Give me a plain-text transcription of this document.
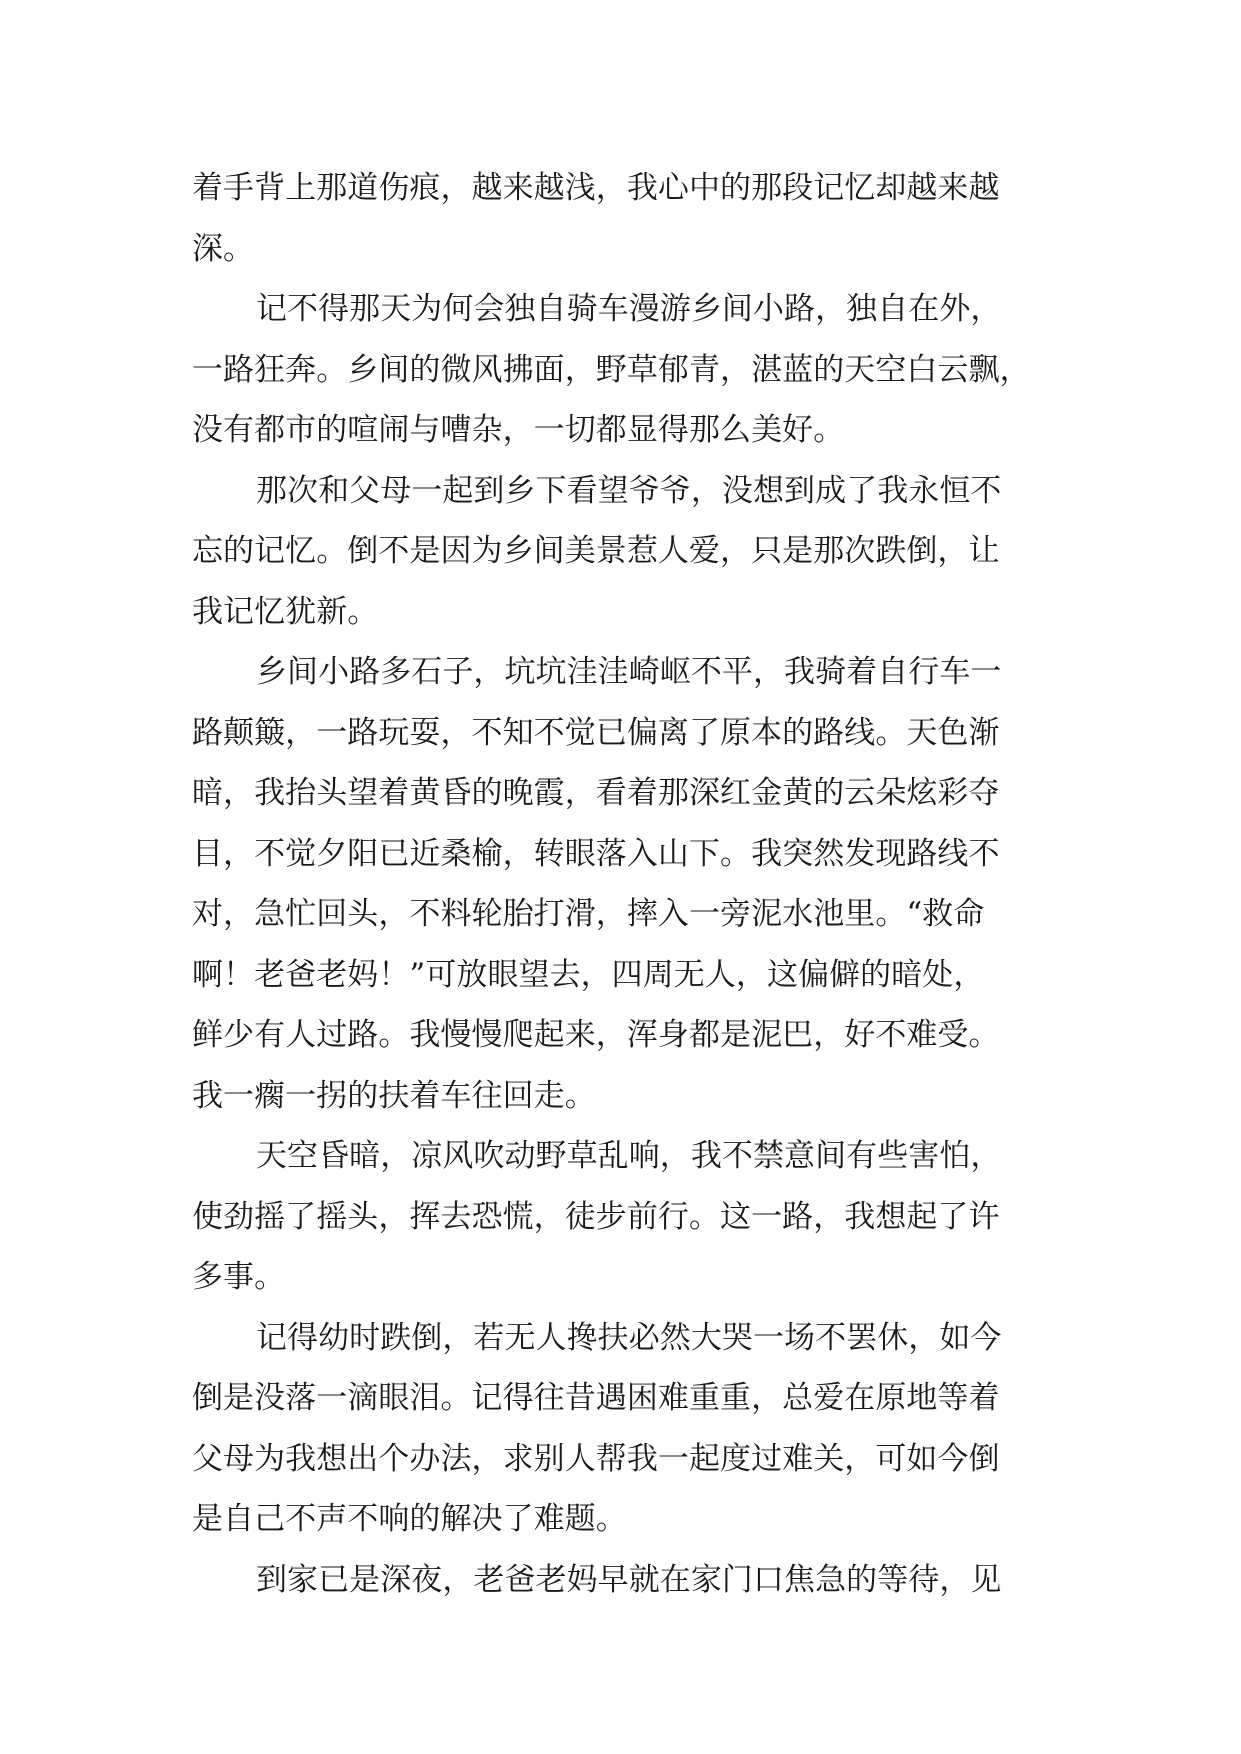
着手背上那道伤痕，越来越浅，我心中的那段记忆却越来越
深。
记不得那天为何会独自骑车漫游乡间小路，独自在外，
一路狂奔。乡间的微风拂面，野草郁青，湛蓝的天空白云飘，
没有都市的喧闹与嘈杂，一切都显得那么美好。
那次和父母一起到乡下看望爷爷，没想到成了我永恒不
忘的记忆。倒不是因为乡间美景惹人爱，只是那次跌倒，让
我记忆犹新。
乡间小路多石子，坑坑洼洼崎岖不平，我骑着自行车一
路颠簸，一路玩耍，不知不觉已偏离了原本的路线。天色渐
暗，我抬头望着黄昏的晚霞，看着那深红金黄的云朵炫彩夺
目，不觉夕阳已近桑榆，转眼落入山下。我突然发现路线不
对，急忙回头，不料轮胎打滑，摔入一旁泥水池里。“救命
啊！老爸老妈！”可放眼望去，四周无人，这偏僻的暗处，
鲜少有人过路。我慢慢爬起来，浑身都是泥巴，好不难受。
我一瘸一拐的扶着车往回走。
天空昏暗，凉风吹动野草乱响，我不禁意间有些害怕，
使劲摇了摇头，挥去恐慌，徒步前行。这一路，我想起了许
多事。
记得幼时跌倒，若无人搀扶必然大哭一场不罢休，如今
倒是没落一滴眼泪。记得往昔遇困难重重，总爱在原地等着
父母为我想出个办法，求别人帮我一起度过难关，可如今倒
是自己不声不响的解决了难题。
到家已是深夜，老爸老妈早就在家门口焦急的等待，见
